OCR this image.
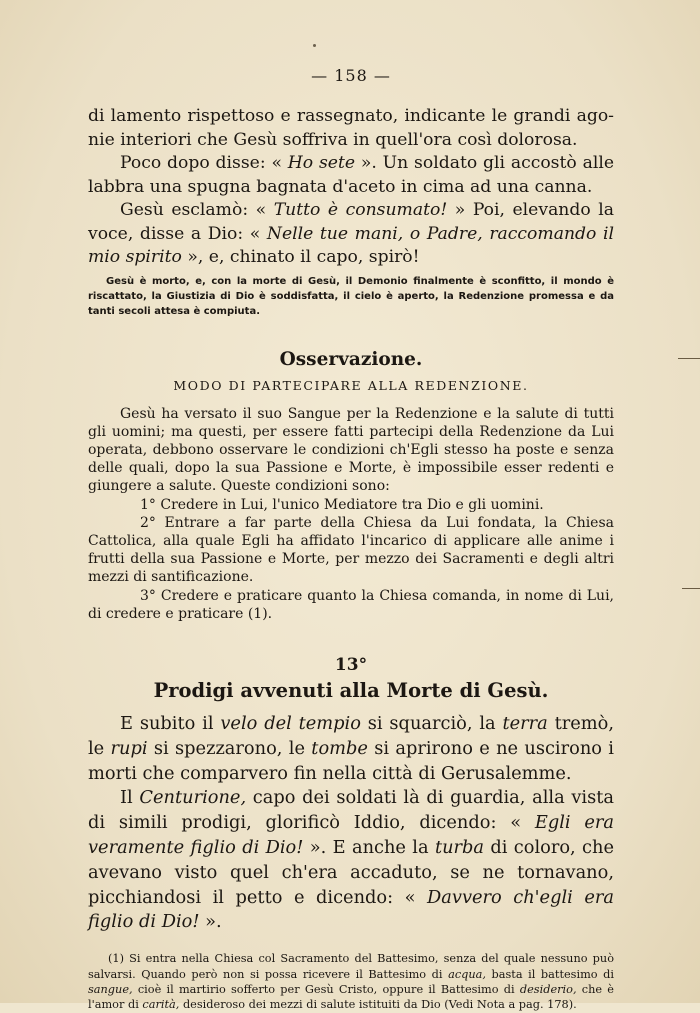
— 158 —

di lamento rispettoso e rassegnato, indicante le grandi ago- nie interiori che Gesù soffriva in quell'ora così dolorosa.

Poco dopo disse: « Ho sete ». Un soldato gli accostò alle labbra una spugna bagnata d'aceto in cima ad una canna.

Gesù esclamò: « Tutto è consumato! » Poi, elevando la voce, disse a Dio: « Nelle tue mani, o Padre, raccomando il mio spirito », e, chinato il capo, spirò!

Gesù è morto, e, con la morte di Gesù, il Demonio finalmente è sconfitto, il mondo è riscattato, la Giustizia di Dio è soddisfatta, il cielo è aperto, la Redenzione promessa e da tanti secoli attesa è compiuta.

Osservazione.
MODO DI PARTECIPARE ALLA REDENZIONE.

Gesù ha versato il suo Sangue per la Redenzione e la salute di tutti gli uomini; ma questi, per essere fatti partecipi della Redenzione da Lui operata, debbono osservare le condizioni ch'Egli stesso ha poste e senza delle quali, dopo la sua Passione e Morte, è impossibile esser redenti e giungere a salute. Queste condizioni sono:

1° Credere in Lui, l'unico Mediatore tra Dio e gli uomini.

2° Entrare a far parte della Chiesa da Lui fondata, la Chiesa Cattolica, alla quale Egli ha affidato l'incarico di applicare alle anime i frutti della sua Passione e Morte, per mezzo dei Sacramenti e degli altri mezzi di santificazione.

3° Credere e praticare quanto la Chiesa comanda, in nome di Lui, di credere e praticare (1).

13°
Prodigi avvenuti alla Morte di Gesù.

E subito il velo del tempio si squarciò, la terra tremò, le rupi si spezzarono, le tombe si aprirono e ne uscirono i morti che comparvero fin nella città di Gerusalemme.

Il Centurione, capo dei soldati là di guardia, alla vista di simili prodigi, glorificò Iddio, dicendo: « Egli era veramente figlio di Dio! ». E anche la turba di coloro, che avevano visto quel ch'era accaduto, se ne tornavano, picchiandosi il petto e dicendo: « Davvero ch'egli era figlio di Dio! ».

(1) Si entra nella Chiesa col Sacramento del Battesimo, senza del quale nessuno può salvarsi. Quando però non si possa ricevere il Battesimo di acqua, basta il battesimo di sangue, cioè il martirio sofferto per Gesù Cristo, oppure il Battesimo di desiderio, che è l'amor di carità, desideroso dei mezzi di salute istituiti da Dio (Vedi Nota a pag. 178).
